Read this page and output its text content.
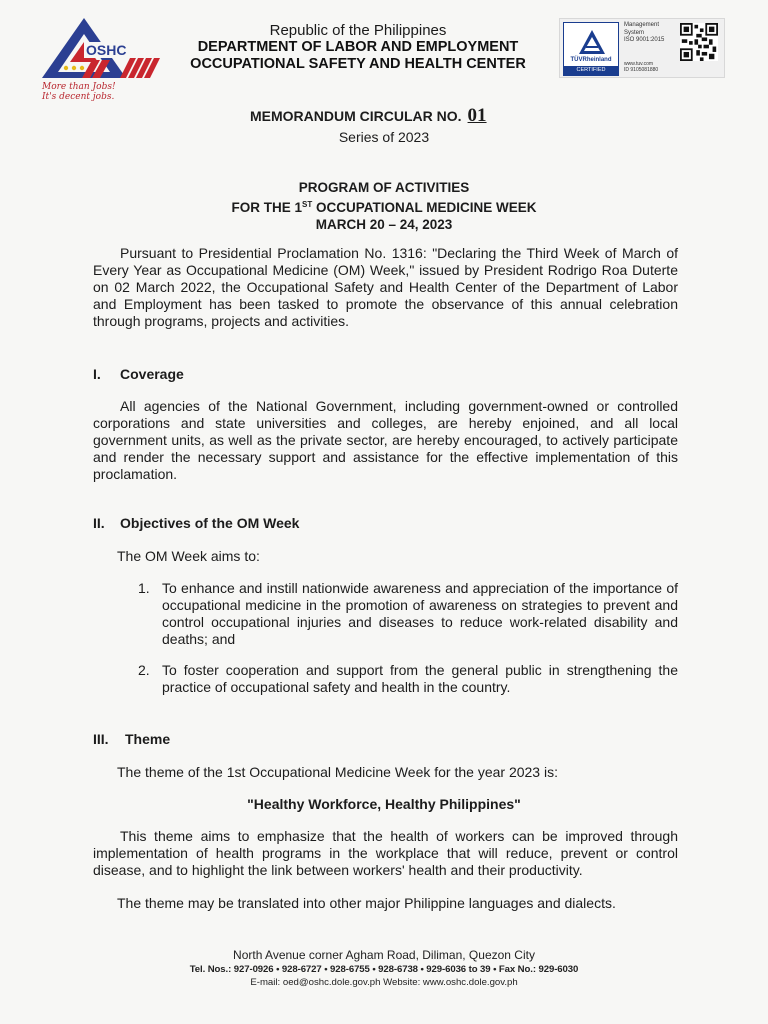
OSHC
More than Jobs!
It's decent jobs.
Republic of the Philippines
DEPARTMENT OF LABOR AND EMPLOYMENT
OCCUPATIONAL SAFETY AND HEALTH CENTER	TÜVRheinland
CERTIFIED
Management
System
ISO 9001:2015
www.tuv.com
ID 9105081880
MEMORANDUM CIRCULAR NO. 01
Series of 2023
PROGRAM OF ACTIVITIES
FOR THE 1ST OCCUPATIONAL MEDICINE WEEK
MARCH 20 – 24, 2023
Pursuant to Presidential Proclamation No. 1316: "Declaring the Third Week of March of Every Year as Occupational Medicine (OM) Week," issued by President Rodrigo Roa Duterte on 02 March 2022, the Occupational Safety and Health Center of the Department of Labor and Employment has been tasked to promote the observance of this annual celebration through programs, projects and activities.
I. Coverage
All agencies of the National Government, including government-owned or controlled corporations and state universities and colleges, are hereby enjoined, and all local government units, as well as the private sector, are hereby encouraged, to actively participate and render the necessary support and assistance for the effective implementation of this proclamation.
II. Objectives of the OM Week
The OM Week aims to:
1. To enhance and instill nationwide awareness and appreciation of the importance of occupational medicine in the promotion of awareness on strategies to prevent and control occupational injuries and diseases to reduce work-related disability and deaths; and
2. To foster cooperation and support from the general public in strengthening the practice of occupational safety and health in the country.
III. Theme
The theme of the 1st Occupational Medicine Week for the year 2023 is:
"Healthy Workforce, Healthy Philippines"
This theme aims to emphasize that the health of workers can be improved through implementation of health programs in the workplace that will reduce, prevent or control disease, and to highlight the link between workers' health and their productivity.
The theme may be translated into other major Philippine languages and dialects.
North Avenue corner Agham Road, Diliman, Quezon City
Tel. Nos.: 927-0926 • 928-6727 • 928-6755 • 928-6738 • 929-6036 to 39 • Fax No.: 929-6030
E-mail: oed@oshc.dole.gov.ph Website: www.oshc.dole.gov.ph
